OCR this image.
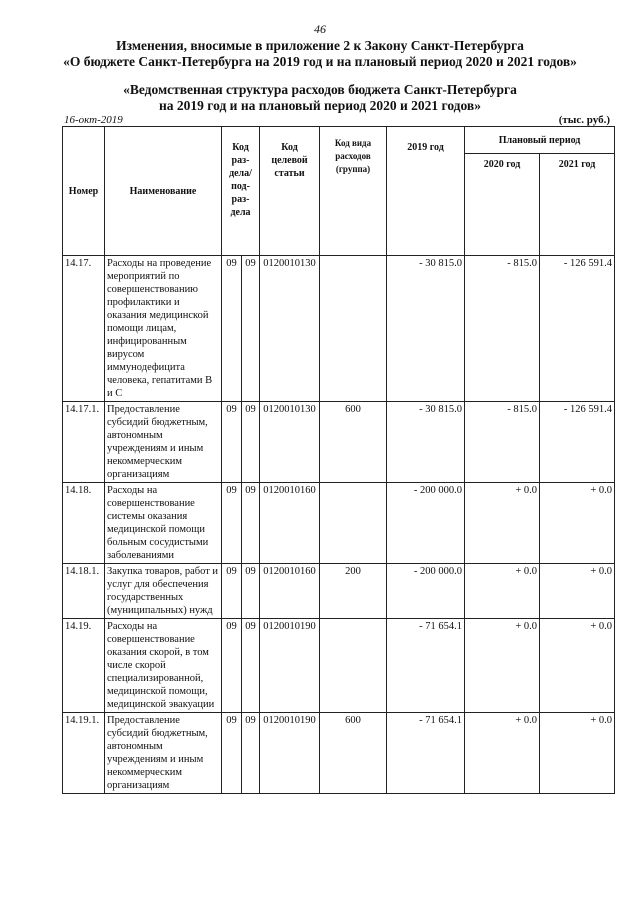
46
Изменения, вносимые в приложение 2 к Закону Санкт-Петербурга
«О бюджете Санкт-Петербурга на 2019 год и на плановый период 2020 и 2021 годов»
«Ведомственная структура расходов бюджета Санкт-Петербурга
на 2019 год и на плановый период 2020 и 2021 годов»
16-окт-2019	(тыс. руб.)
Номер	Наименование	Код раз- дела/ под- раз- дела		Код целевой статьи	Код вида расходов (группа)	2019 год	Плановый период	
							2020 год	2021 год
14.17.	Расходы на проведение мероприятий по совершенствованию профилактики и оказания медицинской помощи лицам, инфицированным вирусом иммунодефицита человека, гепатитами В и С	09	09	0120010130		- 30 815.0	- 815.0	- 126 591.4
14.17.1.	Предоставление субсидий бюджетным, автономным учреждениям и иным некоммерческим организациям	09	09	0120010130	600	- 30 815.0	- 815.0	- 126 591.4
14.18.	Расходы на совершенствование системы оказания медицинской помощи больным сосудистыми заболеваниями	09	09	0120010160		- 200 000.0	+ 0.0	+ 0.0
14.18.1.	Закупка товаров, работ и услуг для обеспечения государственных (муниципальных) нужд	09	09	0120010160	200	- 200 000.0	+ 0.0	+ 0.0
14.19.	Расходы на совершенствование оказания скорой, в том числе скорой специализированной, медицинской помощи, медицинской эвакуации	09	09	0120010190		- 71 654.1	+ 0.0	+ 0.0
14.19.1.	Предоставление субсидий бюджетным, автономным учреждениям и иным некоммерческим организациям	09	09	0120010190	600	- 71 654.1	+ 0.0	+ 0.0
